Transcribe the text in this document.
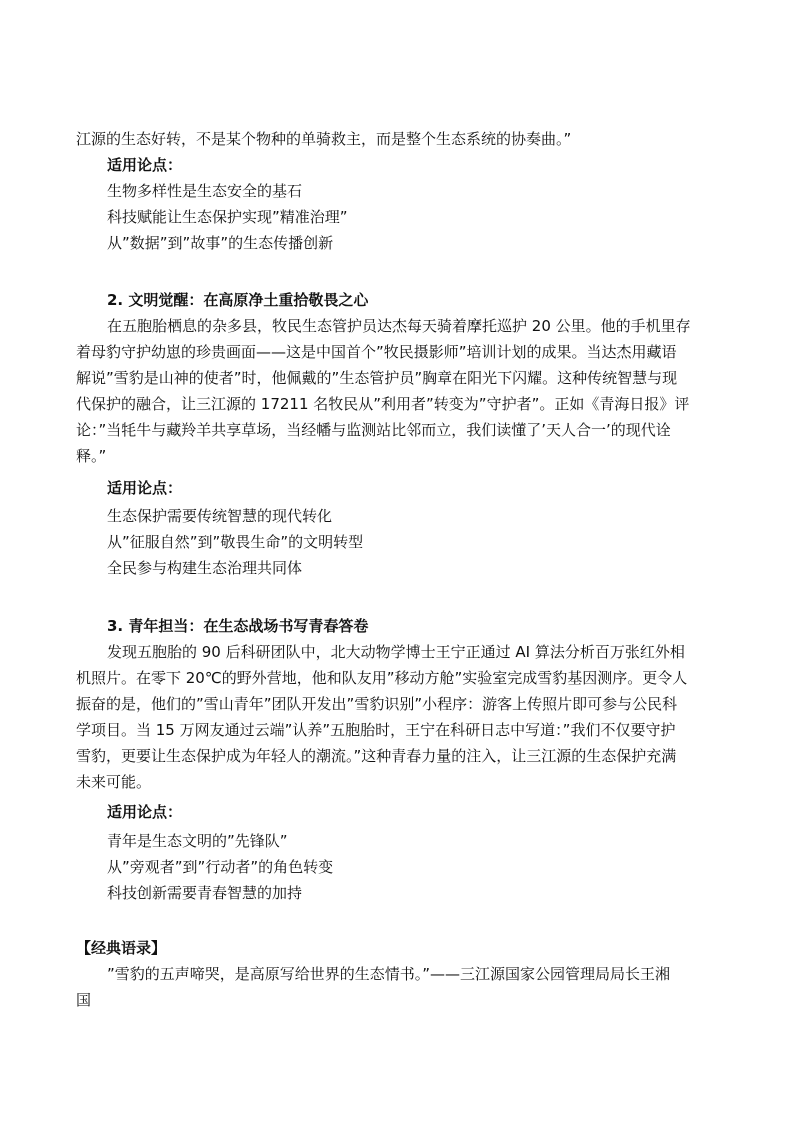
江源的生态好转，不是某个物种的单骑救主，而是整个生态系统的协奏曲。”
适用论点：
生物多样性是生态安全的基石
科技赋能让生态保护实现”精准治理”
从”数据”到”故事”的生态传播创新
2. 文明觉醒：在高原净土重拾敬畏之心
在五胞胎栖息的杂多县，牧民生态管护员达杰每天骑着摩托巡护 20 公里。他的手机里存
着母豹守护幼崽的珍贵画面——这是中国首个”牧民摄影师”培训计划的成果。当达杰用藏语
解说”雪豹是山神的使者”时，他佩戴的”生态管护员”胸章在阳光下闪耀。这种传统智慧与现
代保护的融合，让三江源的 17211 名牧民从”利用者”转变为”守护者”。正如《青海日报》评
论：”当牦牛与藏羚羊共享草场，当经幡与监测站比邻而立，我们读懂了’天人合一’的现代诠
释。”
适用论点：
生态保护需要传统智慧的现代转化
从”征服自然”到”敬畏生命”的文明转型
全民参与构建生态治理共同体
3. 青年担当：在生态战场书写青春答卷
发现五胞胎的 90 后科研团队中，北大动物学博士王宁正通过 AI 算法分析百万张红外相
机照片。在零下 20℃的野外营地，他和队友用”移动方舱”实验室完成雪豹基因测序。更令人
振奋的是，他们的”雪山青年”团队开发出”雪豹识别”小程序：游客上传照片即可参与公民科
学项目。当 15 万网友通过云端”认养”五胞胎时，王宁在科研日志中写道：”我们不仅要守护
雪豹，更要让生态保护成为年轻人的潮流。”这种青春力量的注入，让三江源的生态保护充满
未来可能。
适用论点：
青年是生态文明的”先锋队”
从”旁观者”到”行动者”的角色转变
科技创新需要青春智慧的加持
【经典语录】
”雪豹的五声啼哭，是高原写给世界的生态情书。”——三江源国家公园管理局局长王湘
国
